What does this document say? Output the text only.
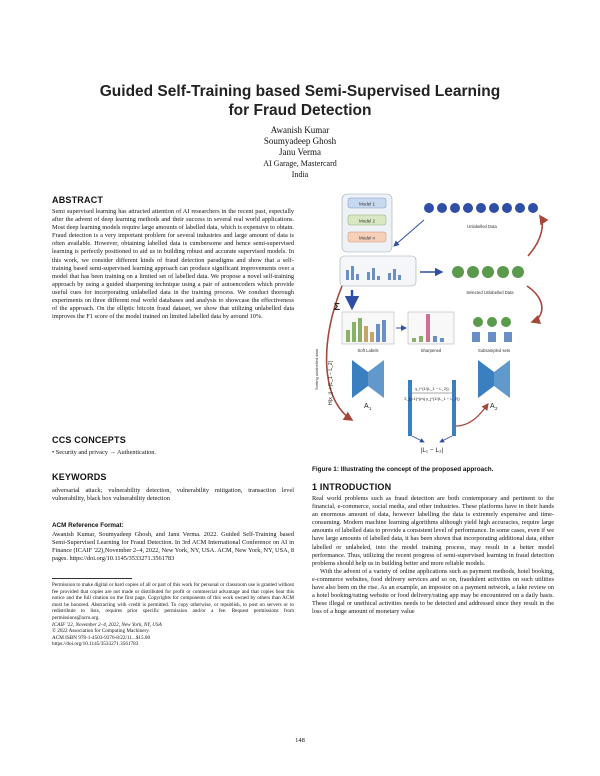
Guided Self-Training based Semi-Supervised Learning
for Fraud Detection
Awanish Kumar
Soumyadeep Ghosh
Janu Verma
AI Garage, Mastercard
India
ABSTRACT
Semi supervised learning has attracted attention of AI researchers in the recent past, especially after the advent of deep learning methods and their success in several real world applications. Most deep learning models require large amounts of labelled data, which is expensive to obtain. Fraud detection is a very important problem for several industries and large amount of data is often available. However, obtaining labelled data is cumbersome and hence semi-supervised learning is perfectly positioned to aid us in building robust and accurate supervised models. In this work, we consider different kinds of fraud detection paradigms and show that a self-training based semi-supervised learning approach can produce significant improvements over a model that has been training on a limited set of labelled data. We propose a novel self-training approach by using a guided sharpening technique using a pair of autoencoders which provide useful cues for incorporating unlabelled data in the training process. We conduct thorough experiments on three different real world databases and analysis to showcase the effectiveness of the approach. On the elliptic bitcoin fraud dataset, we show that utilizing unlabelled data improves the F1 score of the model trained on limited labelled data by around 10%.
CCS CONCEPTS
• Security and privacy → Authentication.
KEYWORDS
adversarial attack; vulnerability detection, vulnerability mitigation, transaction level vulnerability, black box vulnerability detection
ACM Reference Format:
Awanish Kumar, Soumyadeep Ghosh, and Janu Verma. 2022. Guided Self-Training based Semi-Supervised Learning for Fraud Detection. In 3rd ACM International Conference on AI in Finance (ICAIF '22),November 2–4, 2022, New York, NY, USA. ACM, New York, NY, USA, 8 pages. https://doi.org/10.1145/3533271.3561783
Permission to make digital or hard copies of all or part of this work for personal or classroom use is granted without fee provided that copies are not made or distributed for profit or commercial advantage and that copies bear this notice and the full citation on the first page. Copyrights for components of this work owned by others than ACM must be honored. Abstracting with credit is permitted. To copy otherwise, or republish, to post on servers or to redistribute to lists, requires prior specific permission and/or a fee. Request permissions from permissions@acm.org.
ICAIF '22, November 2–4, 2022, New York, NY, USA
© 2022 Association for Computing Machinery.
ACM ISBN 978-1-4503-9376-8/22/11...$15.00
https://doi.org/10.1145/3533271.3561783
Model 1
Model 2
Model n
Unlabelled Data
Selected Unlabelled Data
Σ
Soft Labels	Sharpened	Subsampled sets
Sorting unlabelled data H(x_i) + |L_1 − L_2|
A 1	A 2
y_i^{1/(L_1 − L_2)}
Σ_{j=1}^{m} y_j^{1/(L_1 − L_2)}
|L₁ − L₂|
Figure 1: Illustrating the concept of the proposed approach.
1 INTRODUCTION

Real world problems such as fraud detection are both contemporary and pertinent to the financial, e-commerce, social media, and other industries. These platforms have in their hands an enormous amount of data, however labelling the data is extremely expensive and time-consuming. Modern machine learning algorithms although yield high accuracies, require large amounts of labelled data to provide a consistent level of performance. In some cases, even if we have large amounts of labelled data, it has been shown that incorporating additional data, either labelled or unlabeled, into the model training process, may result in a better model performance. Thus, utilizing the recent progress of semi-supervised learning in fraud detection problems should help us in building better and more reliable models.

With the advent of a variety of online applications such as payment methods, hotel booking, e-commerce websites, food delivery services and so on, fraudulent activities on such utilities have also been on the rise. As an example, an impostor on a payment network, a fake review on a hotel booking/rating website or food delivery/rating app may be encountered on a daily basis. These illegal or unethical activities needs to be detected and addressed since they result in the loss of a huge amount of monetary value

148
